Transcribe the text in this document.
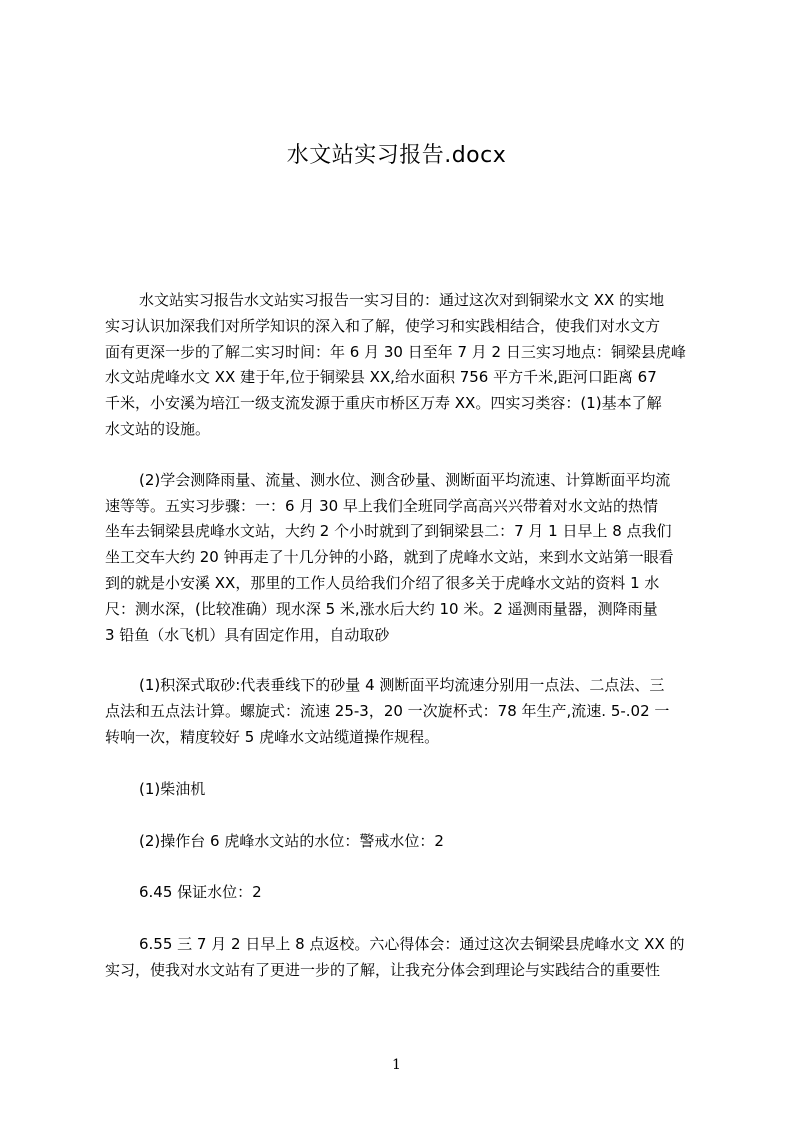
水文站实习报告.docx

水文站实习报告水文站实习报告一实习目的：通过这次对到铜梁水文 XX 的实地
实习认识加深我们对所学知识的深入和了解，使学习和实践相结合，使我们对水文方
面有更深一步的了解二实习时间：年 6 月 30 日至年 7 月 2 日三实习地点：铜梁县虎峰
水文站虎峰水文 XX 建于年,位于铜梁县 XX,给水面积 756 平方千米,距河口距离 67
千米，小安溪为培江一级支流发源于重庆市桥区万寿 XX。四实习类容：(1)基本了解
水文站的设施。

(2)学会测降雨量、流量、测水位、测含砂量、测断面平均流速、计算断面平均流
速等等。五实习步骤：一：6 月 30 早上我们全班同学高高兴兴带着对水文站的热情
坐车去铜梁县虎峰水文站，大约 2 个小时就到了到铜梁县二：7 月 1 日早上 8 点我们
坐工交车大约 20 钟再走了十几分钟的小路，就到了虎峰水文站，来到水文站第一眼看
到的就是小安溪 XX，那里的工作人员给我们介绍了很多关于虎峰水文站的资料 1 水
尺：测水深，(比较准确）现水深 5 米,涨水后大约 10 米。2 遥测雨量器，测降雨量
3 铅鱼（水飞机）具有固定作用，自动取砂

(1)积深式取砂:代表垂线下的砂量 4 测断面平均流速分别用一点法、二点法、三
点法和五点法计算。螺旋式：流速 25-3，20 一次旋杯式：78 年生产,流速. 5-.02 一
转响一次，精度较好 5 虎峰水文站缆道操作规程。

(1)柴油机

(2)操作台 6 虎峰水文站的水位：警戒水位：2

6.45 保证水位：2

6.55 三 7 月 2 日早上 8 点返校。六心得体会：通过这次去铜梁县虎峰水文 XX 的
实习，使我对水文站有了更进一步的了解，让我充分体会到理论与实践结合的重要性

1
